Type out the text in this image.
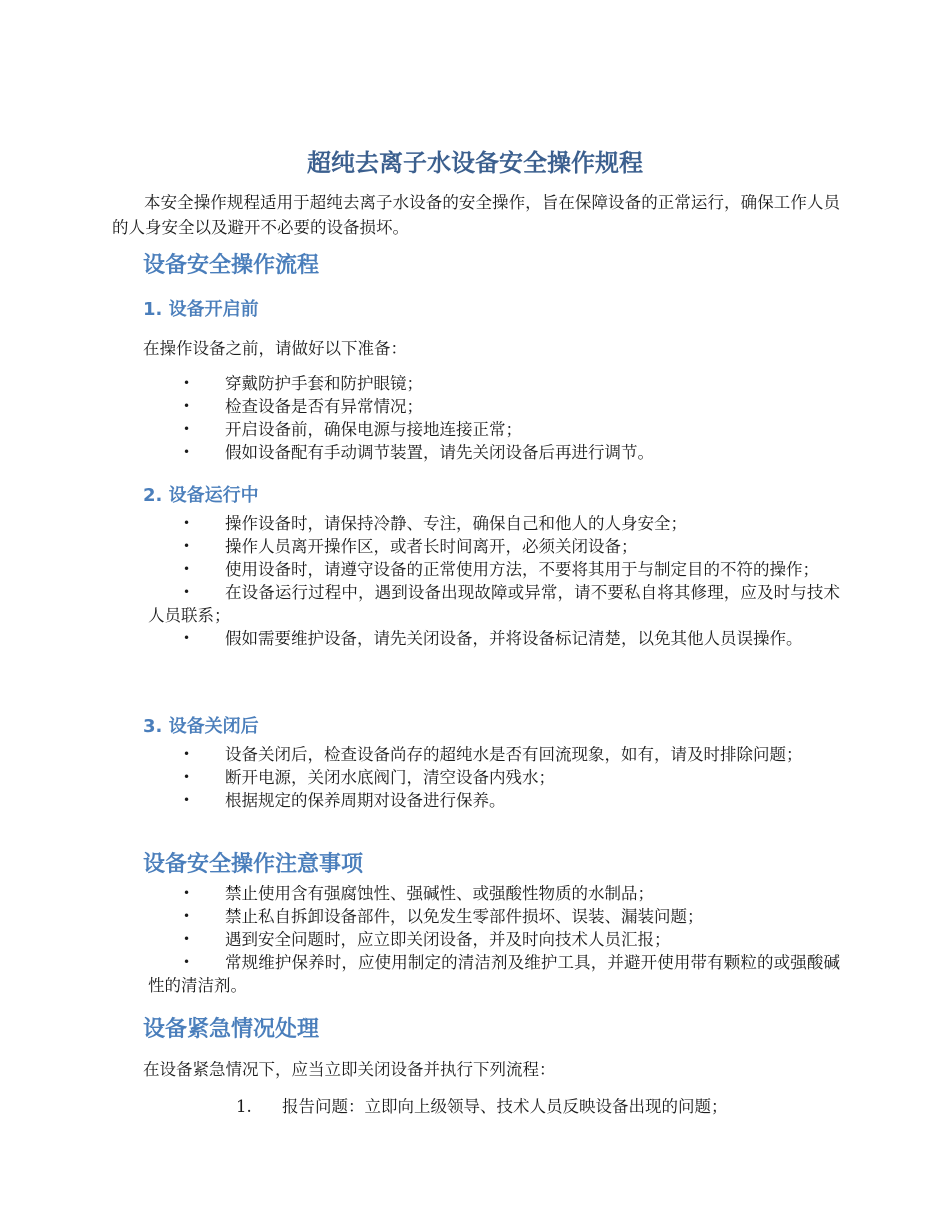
超纯去离子水设备安全操作规程
本安全操作规程适用于超纯去离子水设备的安全操作，旨在保障设备的正常运行，确保工作人员的人身安全以及避开不必要的设备损坏。
设备安全操作流程
1. 设备开启前
在操作设备之前，请做好以下准备：
• 穿戴防护手套和防护眼镜；
• 检查设备是否有异常情况；
• 开启设备前，确保电源与接地连接正常；
• 假如设备配有手动调节装置，请先关闭设备后再进行调节。
2. 设备运行中
• 操作设备时，请保持冷静、专注，确保自己和他人的人身安全；
• 操作人员离开操作区，或者长时间离开，必须关闭设备；
• 使用设备时，请遵守设备的正常使用方法，不要将其用于与制定目的不符的操作；
• 在设备运行过程中，遇到设备出现故障或异常，请不要私自将其修理，应及时与技术人员联系；
• 假如需要维护设备，请先关闭设备，并将设备标记清楚，以免其他人员误操作。
3. 设备关闭后
• 设备关闭后，检查设备尚存的超纯水是否有回流现象，如有，请及时排除问题；
• 断开电源，关闭水底阀门，清空设备内残水；
• 根据规定的保养周期对设备进行保养。
设备安全操作注意事项
• 禁止使用含有强腐蚀性、强碱性、或强酸性物质的水制品；
• 禁止私自拆卸设备部件，以免发生零部件损坏、误装、漏装问题；
• 遇到安全问题时，应立即关闭设备，并及时向技术人员汇报；
• 常规维护保养时，应使用制定的清洁剂及维护工具，并避开使用带有颗粒的或强酸碱性的清洁剂。
设备紧急情况处理
在设备紧急情况下，应当立即关闭设备并执行下列流程：
1. 报告问题：立即向上级领导、技术人员反映设备出现的问题；
